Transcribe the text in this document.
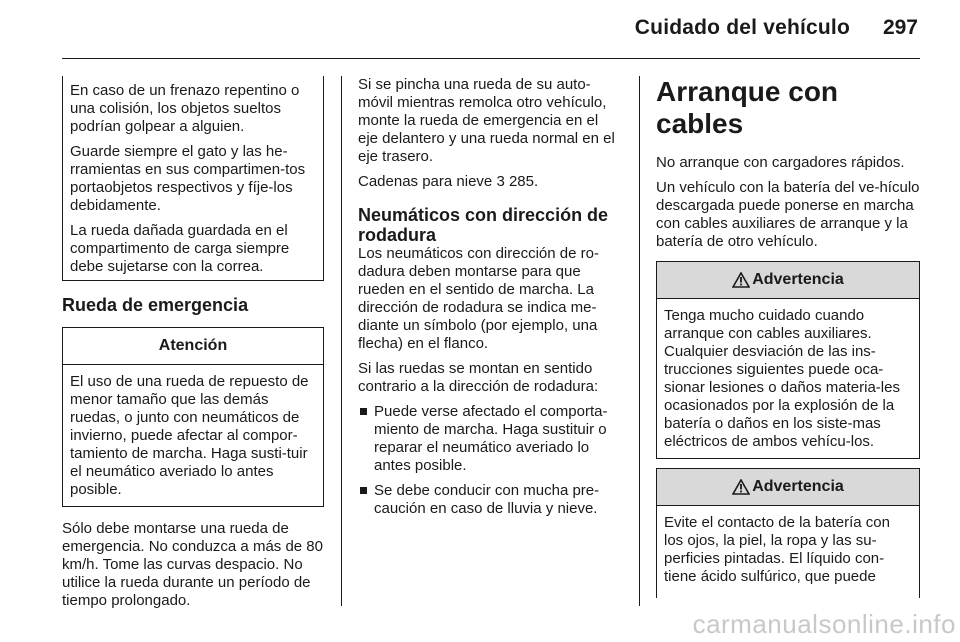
Cuidado del vehículo 297

En caso de un frenazo repentino o una colisión, los objetos sueltos podrían golpear a alguien.

Guarde siempre el gato y las he-rramientas en sus compartimen-tos portaobjetos respectivos y fíje-los debidamente.

La rueda dañada guardada en el compartimento de carga siempre debe sujetarse con la correa.

Rueda de emergencia
Atención

El uso de una rueda de repuesto de menor tamaño que las demás ruedas, o junto con neumáticos de invierno, puede afectar al compor-tamiento de marcha. Haga susti-tuir el neumático averiado lo antes posible.

Sólo debe montarse una rueda de emergencia. No conduzca a más de 80 km/h. Tome las curvas despacio. No utilice la rueda durante un período de tiempo prolongado.

Si se pincha una rueda de su auto-móvil mientras remolca otro vehículo, monte la rueda de emergencia en el eje delantero y una rueda normal en el eje trasero.

Cadenas para nieve 3 285.

Neumáticos con dirección de rodadura

Los neumáticos con dirección de ro-dadura deben montarse para que rueden en el sentido de marcha. La dirección de rodadura se indica me-diante un símbolo (por ejemplo, una flecha) en el flanco.

Si las ruedas se montan en sentido contrario a la dirección de rodadura:

Puede verse afectado el comporta-miento de marcha. Haga sustituir o reparar el neumático averiado lo antes posible.
Se debe conducir con mucha pre-caución en caso de lluvia y nieve.
Arranque con cables

No arranque con cargadores rápidos.

Un vehículo con la batería del ve-hículo descargada puede ponerse en marcha con cables auxiliares de arranque y la batería de otro vehículo.

Advertencia

Tenga mucho cuidado cuando arranque con cables auxiliares. Cualquier desviación de las ins-trucciones siguientes puede oca-sionar lesiones o daños materia-les ocasionados por la explosión de la batería o daños en los siste-mas eléctricos de ambos vehícu-los.

Advertencia

Evite el contacto de la batería con los ojos, la piel, la ropa y las su-perficies pintadas. El líquido con-tiene ácido sulfúrico, que puede

carmanualsonline.info
